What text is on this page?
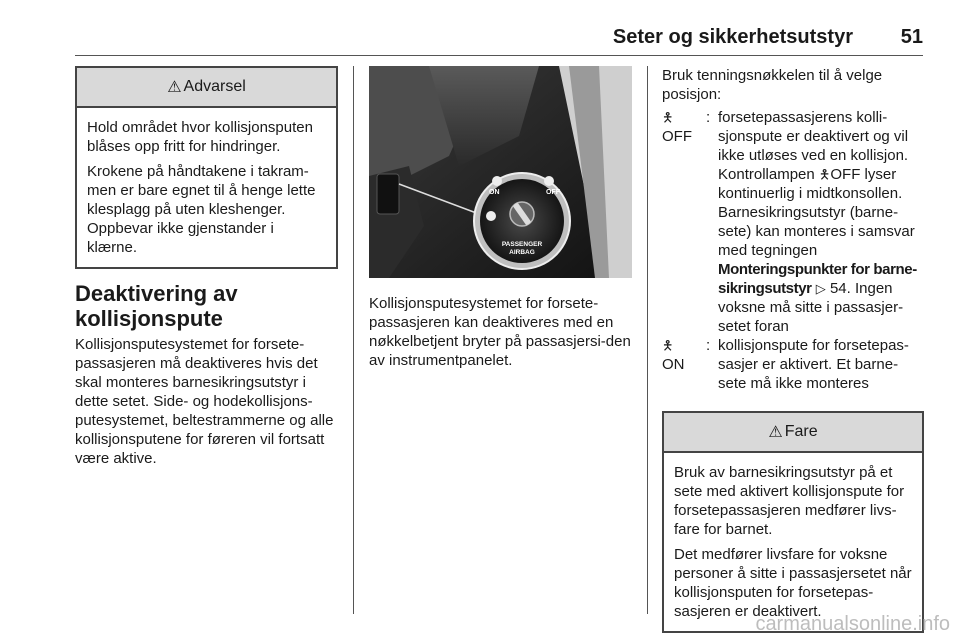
Seter og sikkerhetsutstyr 51
⚠ Advarsel

Hold området hvor kollisjonsputen blåses opp fritt for hindringer.

Krokene på håndtakene i takram-men er bare egnet til å henge lette klesplagg på uten kleshenger. Oppbevar ikke gjenstander i klærne.

Deaktivering av kollisjonspute

Kollisjonsputesystemet for forsete-passasjeren må deaktiveres hvis det skal monteres barnesikringsutstyr i dette setet. Side- og hodekollisjons-putesystemet, beltestrammerne og alle kollisjonsputene for føreren vil fortsatt være aktive.

ON	OFF
PASSENGER
AIRBAG

Kollisjonsputesystemet for forsete-passasjeren kan deaktiveres med en nøkkelbetjent bryter på passasjersi-den av instrumentpanelet.

Bruk tenningsnøkkelen til å velge posisjon:

🯅
OFF
: forsetepassasjerens kolli-sjonspute er deaktivert og vil ikke utløses ved en kollisjon. Kontrollampen 🯅OFF lyser kontinuerlig i midtkonsollen. Barnesikringsutstyr (barne-sete) kan monteres i samsvar med tegningen Monteringspunkter for barne-sikringsutstyr ▷ 54. Ingen voksne må sitte i passasjer-setet foran
🯅
ON
: kollisjonspute for forsetepas-sasjer er aktivert. Et barne-sete må ikke monteres
⚠ Fare

Bruk av barnesikringsutstyr på et sete med aktivert kollisjonspute for forsetepassasjeren medfører livs-fare for barnet.

Det medfører livsfare for voksne personer å sitte i passasjersetet når kollisjonsputen for forsetepas-sasjeren er deaktivert.

carmanualsonline.info
